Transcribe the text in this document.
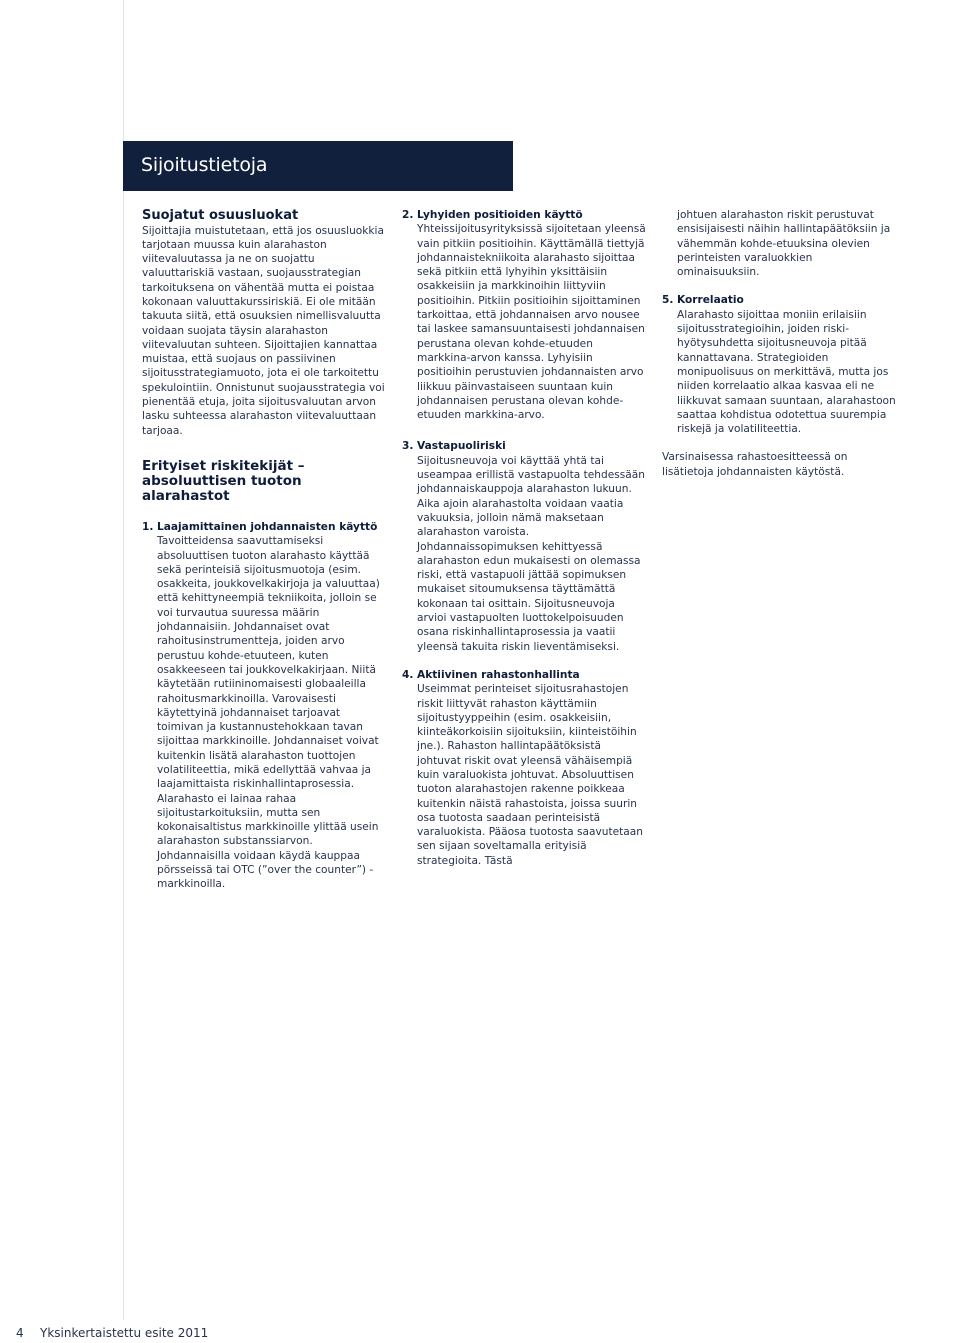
Sijoitustietoja
Suojatut osuusluokat

Sijoittajia muistutetaan, että jos osuusluokkia tarjotaan muussa kuin alarahaston viitevaluutassa ja ne on suojattu valuuttariskiä vastaan, suojausstrategian tarkoituksena on vähentää mutta ei poistaa kokonaan valuuttakurssiriskiä. Ei ole mitään takuuta siitä, että osuuksien nimellisvaluutta voidaan suojata täysin alarahaston viitevaluutan suhteen. Sijoittajien kannattaa muistaa, että suojaus on passiivinen sijoitusstrategiamuoto, jota ei ole tarkoitettu spekulointiin. Onnistunut suojausstrategia voi pienentää etuja, joita sijoitusvaluutan arvon lasku suhteessa alarahaston viitevaluuttaan tarjoaa.

Erityiset riskitekijät – absoluuttisen tuoton alarahastot
1. Laajamittainen johdannaisten käyttö

Tavoitteidensa saavuttamiseksi absoluuttisen tuoton alarahasto käyttää sekä perinteisiä sijoitusmuotoja (esim. osakkeita, joukkovelkakirjoja ja valuuttaa) että kehittyneempiä tekniikoita, jolloin se voi turvautua suuressa määrin johdannaisiin. Johdannaiset ovat rahoitusinstrumentteja, joiden arvo perustuu kohde-etuuteen, kuten osakkeeseen tai joukkovelkakirjaan. Niitä käytetään rutiininomaisesti globaaleilla rahoitusmarkkinoilla. Varovaisesti käytettyinä johdannaiset tarjoavat toimivan ja kustannustehokkaan tavan sijoittaa markkinoille. Johdannaiset voivat kuitenkin lisätä alarahaston tuottojen volatiliteettia, mikä edellyttää vahvaa ja laajamittaista riskinhallintaprosessia. Alarahasto ei lainaa rahaa sijoitustarkoituksiin, mutta sen kokonaisaltistus markkinoille ylittää usein alarahaston substanssiarvon. Johdannaisilla voidaan käydä kauppaa pörsseissä tai OTC (”over the counter”) -markkinoilla.

2. Lyhyiden positioiden käyttö

Yhteissijoitusyrityksissä sijoitetaan yleensä vain pitkiin positioihin. Käyttämällä tiettyjä johdannaistekniikoita alarahasto sijoittaa sekä pitkiin että lyhyihin yksittäisiin osakkeisiin ja markkinoihin liittyviin positioihin. Pitkiin positioihin sijoittaminen tarkoittaa, että johdannaisen arvo nousee tai laskee samansuuntaisesti johdannaisen perustana olevan kohde-etuuden markkina-arvon kanssa. Lyhyisiin positioihin perustuvien johdannaisten arvo liikkuu päinvastaiseen suuntaan kuin johdannaisen perustana olevan kohde-etuuden markkina-arvo.

3. Vastapuoliriski

Sijoitusneuvoja voi käyttää yhtä tai useampaa erillistä vastapuolta tehdessään johdannaiskauppoja alarahaston lukuun. Aika ajoin alarahastolta voidaan vaatia vakuuksia, jolloin nämä maksetaan alarahaston varoista. Johdannaissopimuksen kehittyessä alarahaston edun mukaisesti on olemassa riski, että vastapuoli jättää sopimuksen mukaiset sitoumuksensa täyttämättä kokonaan tai osittain. Sijoitusneuvoja arvioi vastapuolten luottokelpoisuuden osana riskinhallintaprosessia ja vaatii yleensä takuita riskin lieventämiseksi.

4. Aktiivinen rahastonhallinta

Useimmat perinteiset sijoitusrahastojen riskit liittyvät rahaston käyttämiin sijoitustyyppeihin (esim. osakkeisiin, kiinteäkorkoisiin sijoituksiin, kiinteistöihin jne.). Rahaston hallintapäätöksistä johtuvat riskit ovat yleensä vähäisempiä kuin varaluokista johtuvat. Absoluuttisen tuoton alarahastojen rakenne poikkeaa kuitenkin näistä rahastoista, joissa suurin osa tuotosta saadaan perinteisistä varaluokista. Pääosa tuotosta saavutetaan sen sijaan soveltamalla erityisiä strategioita. Tästä

johtuen alarahaston riskit perustuvat ensisijaisesti näihin hallintapäätöksiin ja vähemmän kohde-etuuksina olevien perinteisten varaluokkien ominaisuuksiin.

5. Korrelaatio

Alarahasto sijoittaa moniin erilaisiin sijoitusstrategioihin, joiden riski-hyötysuhdetta sijoitusneuvoja pitää kannattavana. Strategioiden monipuolisuus on merkittävä, mutta jos niiden korrelaatio alkaa kasvaa eli ne liikkuvat samaan suuntaan, alarahastoon saattaa kohdistua odotettua suurempia riskejä ja volatiliteettia.

Varsinaisessa rahastoesitteessä on lisätietoja johdannaisten käytöstä.

4 Yksinkertaistettu esite 2011
